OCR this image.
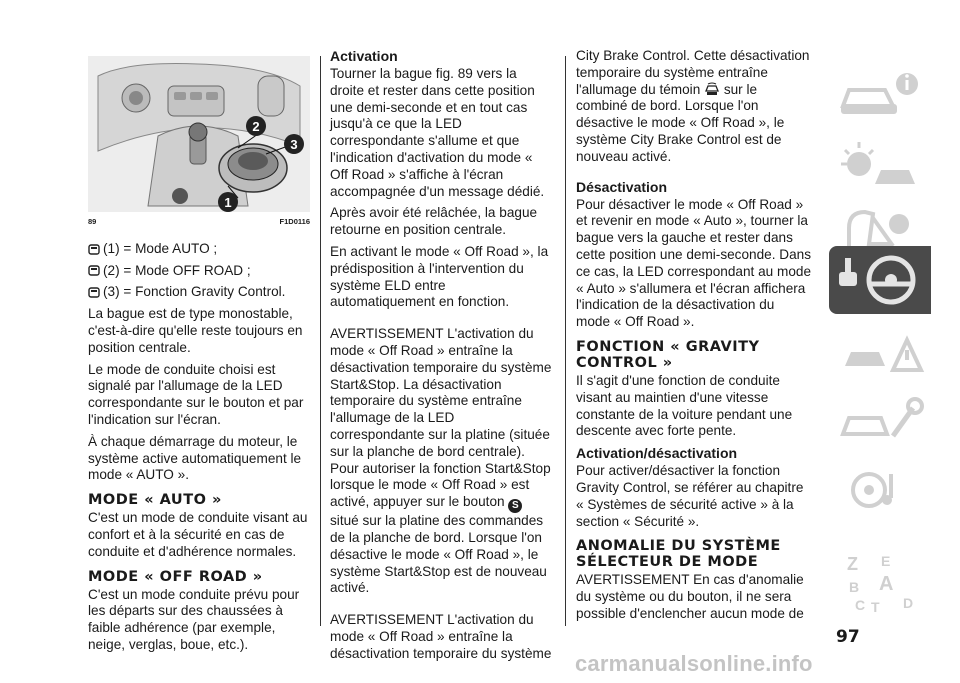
2
3
1
89	F1D0116

(1) = Mode AUTO ;

(2) = Mode OFF ROAD ;

(3) = Fonction Gravity Control.

La bague est de type monostable, c'est-à-dire qu'elle reste toujours en position centrale.

Le mode de conduite choisi est signalé par l'allumage de la LED correspondante sur le bouton et par l'indication sur l'écran.

À chaque démarrage du moteur, le système active automatiquement le mode « AUTO ».

MODE « AUTO »

C'est un mode de conduite visant au confort et à la sécurité en cas de conduite et d'adhérence normales.

MODE « OFF ROAD »

C'est un mode conduite prévu pour les départs sur des chaussées à faible adhérence (par exemple, neige, verglas, boue, etc.).

Activation

Tourner la bague fig. 89 vers la droite et rester dans cette position une demi-seconde et en tout cas jusqu'à ce que la LED correspondante s'allume et que l'indication d'activation du mode « Off Road » s'affiche à l'écran accompagnée d'un message dédié.

Après avoir été relâchée, la bague retourne en position centrale.

En activant le mode « Off Road », la prédisposition à l'intervention du système ELD entre automatiquement en fonction.

AVERTISSEMENT L'activation du mode « Off Road » entraîne la désactivation temporaire du système Start&Stop. La désactivation temporaire du système entraîne l'allumage de la LED correspondante sur la platine (située sur la planche de bord centrale). Pour autoriser la fonction Start&Stop lorsque le mode « Off Road » est activé, appuyer sur le bouton S situé sur la platine des commandes de la planche de bord. Lorsque l'on désactive le mode « Off Road », le système Start&Stop est de nouveau activé.

AVERTISSEMENT L'activation du mode « Off Road » entraîne la désactivation temporaire du système

City Brake Control. Cette désactivation temporaire du système entraîne l'allumage du témoin sur le combiné de bord. Lorsque l'on désactive le mode « Off Road », le système City Brake Control est de nouveau activé.

Désactivation

Pour désactiver le mode « Off Road » et revenir en mode « Auto », tourner la bague vers la gauche et rester dans cette position une demi-seconde. Dans ce cas, la LED correspondant au mode « Auto » s'allumera et l'écran affichera l'indication de la désactivation du mode « Off Road ».

FONCTION « GRAVITY CONTROL »

Il s'agit d'une fonction de conduite visant au maintien d'une vitesse constante de la voiture pendant une descente avec forte pente.

Activation/désactivation

Pour activer/désactiver la fonction Gravity Control, se référer au chapitre « Systèmes de sécurité active » à la section « Sécurité ».

ANOMALIE DU SYSTÈME SÉLECTEUR DE MODE

AVERTISSEMENT En cas d'anomalie du système ou du bouton, il ne sera possible d'enclencher aucun mode de

Z E
B A
C T D
97
carmanualsonline.info
